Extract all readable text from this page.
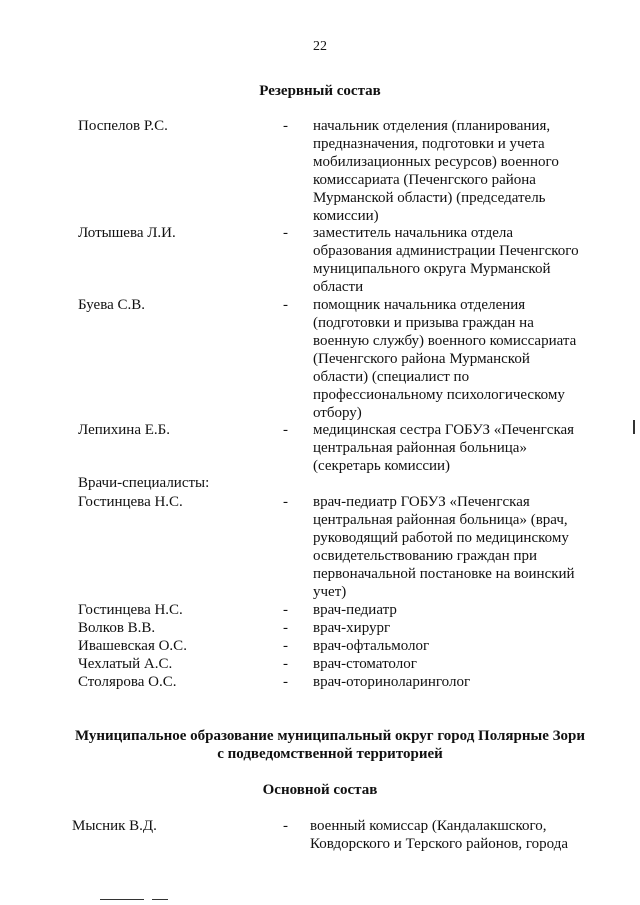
22
Резервный состав
Поспелов Р.С.	- начальник отделения (планирования,
предназначения, подготовки и учета
мобилизационных ресурсов) военного
комиссариата (Печенгского района
Мурманской области) (председатель
комиссии)
Лотышева Л.И.	- заместитель начальника отдела
образования администрации Печенгского
муниципального округа Мурманской
области
Буева С.В.	- помощник начальника отделения
(подготовки и призыва граждан на
военную службу) военного комиссариата
(Печенгского района Мурманской
области) (специалист по
профессиональному психологическому
отбору)
Лепихина Е.Б.	- медицинская сестра ГОБУЗ «Печенгская
центральная районная больница»
(секретарь комиссии)
Врачи-специалисты:
Гостинцева Н.С.	- врач-педиатр ГОБУЗ «Печенгская
центральная районная больница» (врач,
руководящий работой по медицинскому
освидетельствованию граждан при
первоначальной постановке на воинский
учет)
Гостинцева Н.С.	- врач-педиатр
Волков В.В.	- врач-хирург
Ивашевская О.С.	- врач-офтальмолог
Чехлатый А.С.	- врач-стоматолог
Столярова О.С.	- врач-оториноларинголог
Муниципальное образование муниципальный округ город Полярные Зори
с подведомственной территорией
Основной состав
Мысник В.Д.	- военный комиссар (Кандалакшского,
Ковдорского и Терского районов, города
